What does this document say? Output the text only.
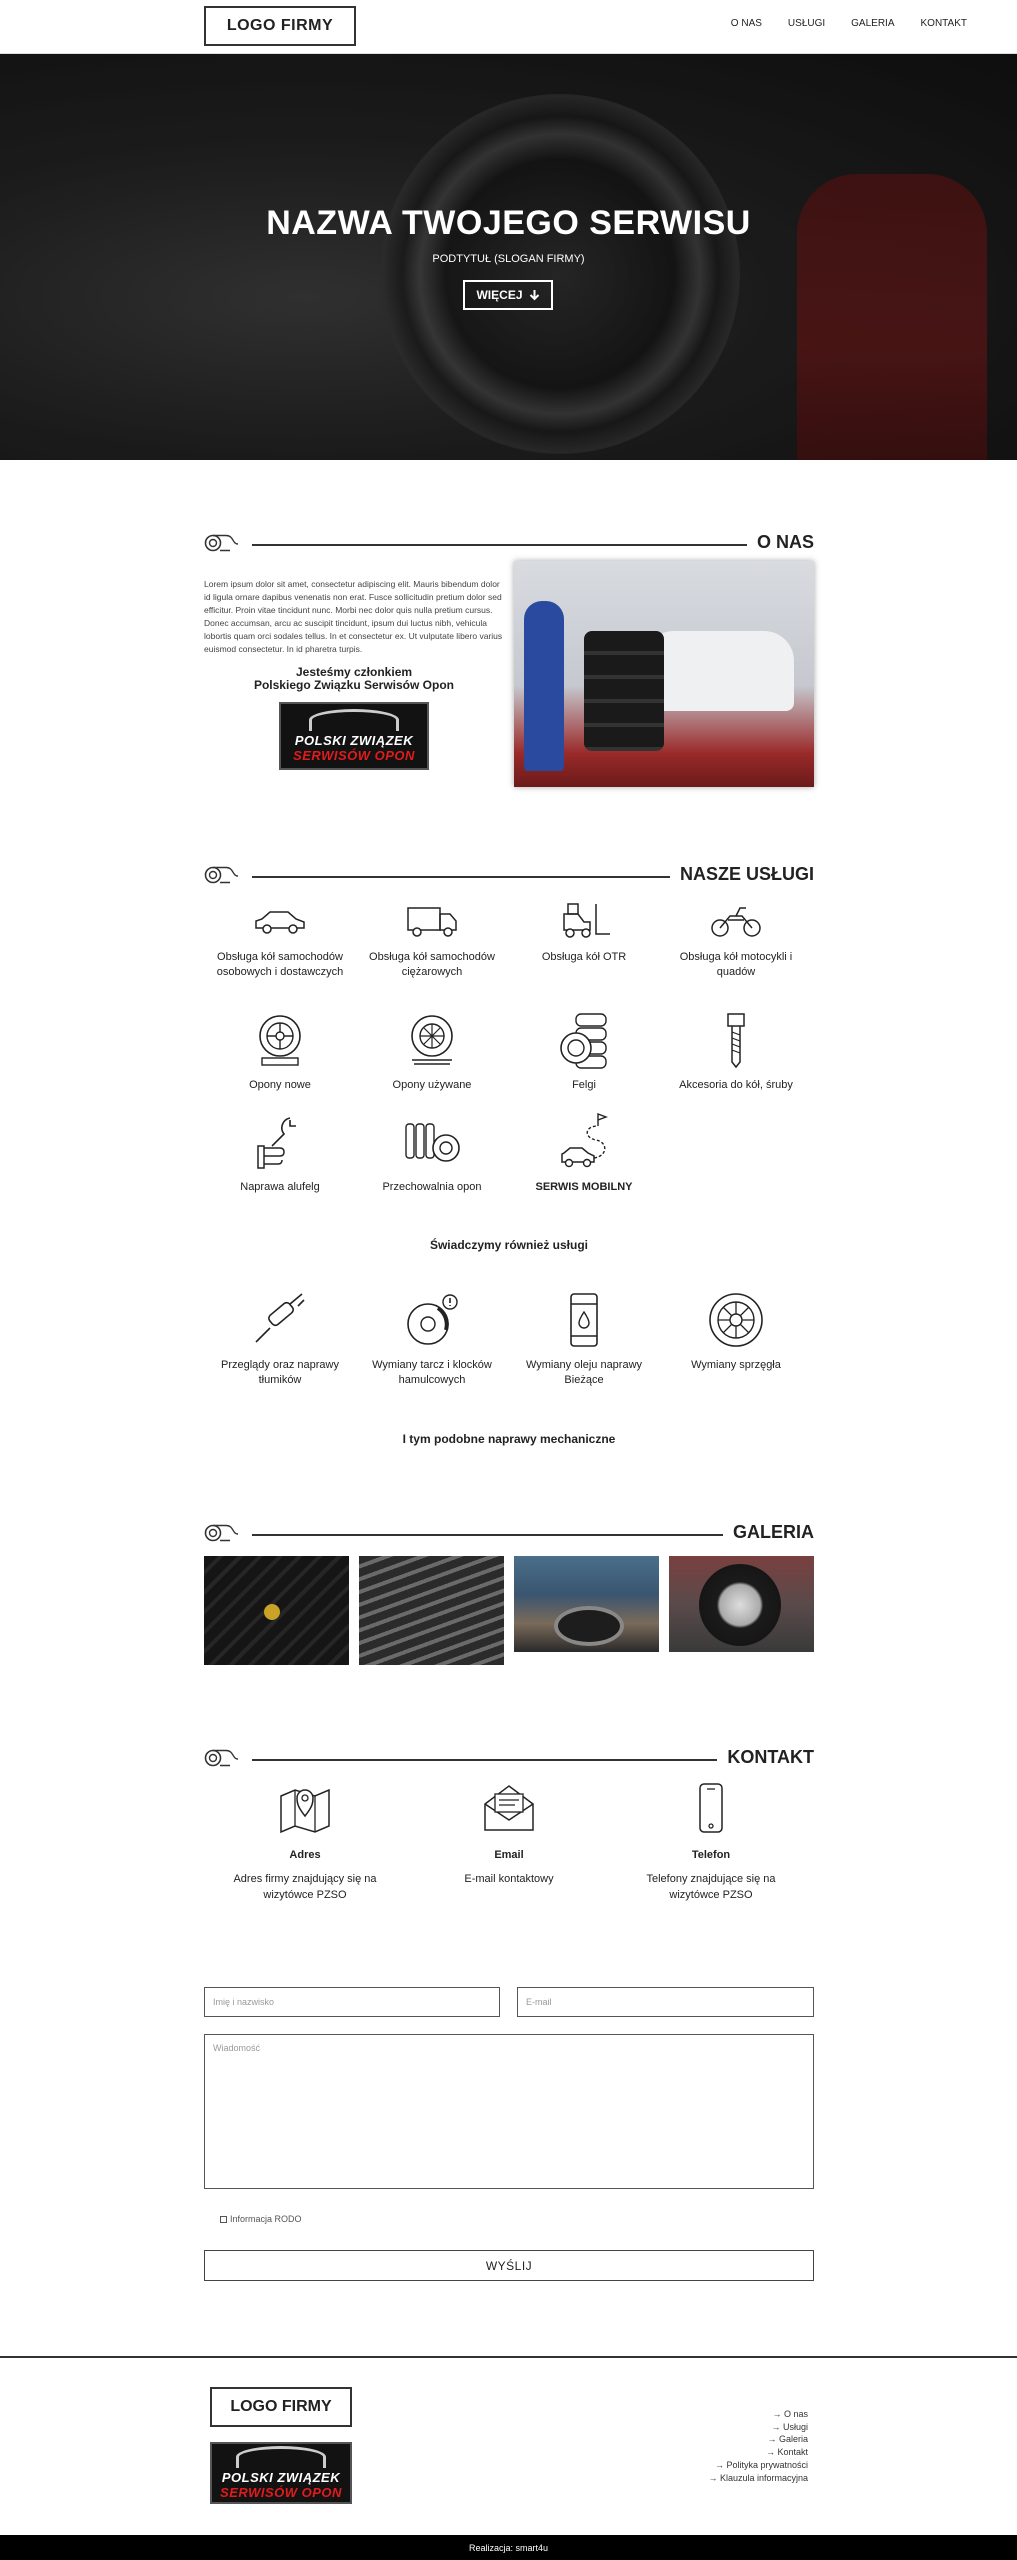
LOGO FIRMY	O NAS	USŁUGI	GALERIA	KONTAKT
NAZWA TWOJEGO SERWISU
PODTYTUŁ (SLOGAN FIRMY)
WIĘCEJ
O NAS
Lorem ipsum dolor sit amet, consectetur adipiscing elit. Mauris bibendum dolor id ligula ornare dapibus venenatis non erat. Fusce sollicitudin pretium dolor sed efficitur. Proin vitae tincidunt nunc. Morbi nec dolor quis nulla pretium cursus. Donec accumsan, arcu ac suscipit tincidunt, ipsum dui luctus nibh, vehicula lobortis quam orci sodales tellus. In et consectetur ex. Ut vulputate libero varius euismod consectetur. In id pharetra turpis.
Jesteśmy członkiem
Polskiego Związku Serwisów Opon
POLSKI ZWIĄZEK
SERWISÓW OPON
NASZE USŁUGI
Obsługa kół samochodów osobowych i dostawczych
Obsługa kół samochodów ciężarowych
Obsługa kół OTR	Obsługa kół motocykli i quadów
Opony nowe	Opony używane	Felgi	Akcesoria do kół, śruby
Naprawa alufelg	Przechowalnia opon	SERWIS MOBILNY
Świadczymy również usługi
Przeglądy oraz naprawy tłumików
Wymiany tarcz i klocków hamulcowych
Wymiany oleju naprawy Bieżące
Wymiany sprzęgła
I tym podobne naprawy mechaniczne
GALERIA
KONTAKT
Adres
Adres firmy znajdujący się na wizytówce PZSO
Email
E-mail kontaktowy
Telefon
Telefony znajdujące się na wizytówce PZSO
Imię i nazwisko	E-mail
Wiadomość
Informacja RODO
WYŚLIJ
LOGO FIRMY
POLSKI ZWIĄZEK
SERWISÓW OPON
→ O nas
→ Usługi
→ Galeria
→ Kontakt
→ Polityka prywatności
→ Klauzula informacyjna
Realizacja: smart4u
